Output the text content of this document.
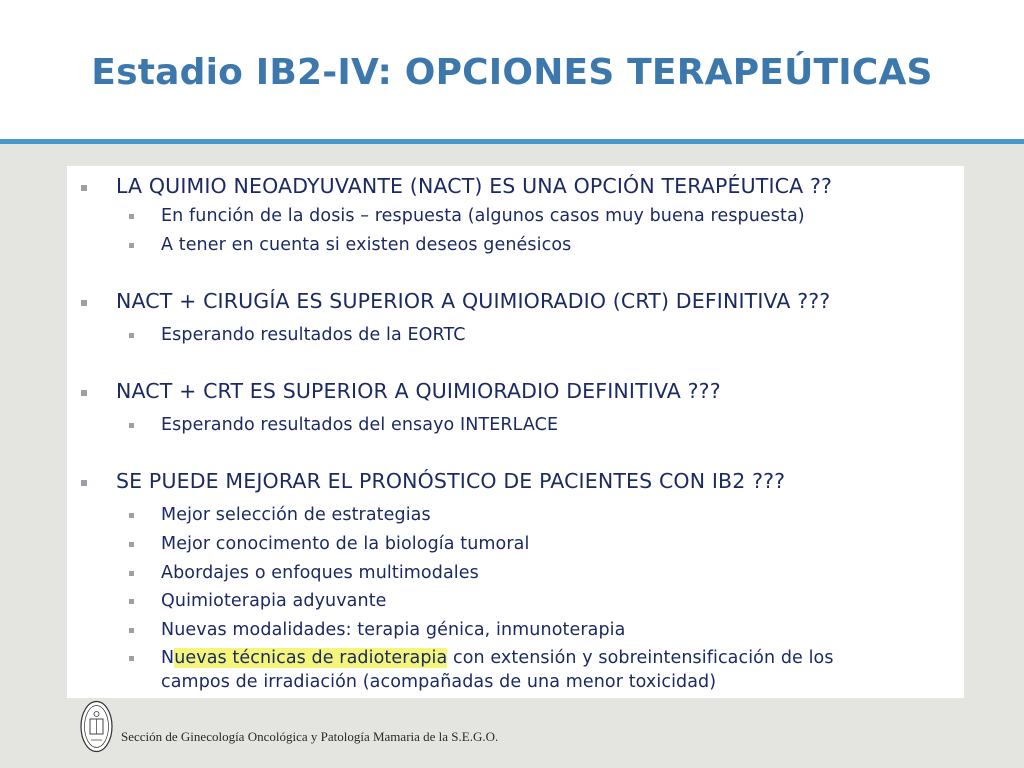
Estadio IB2-IV: OPCIONES TERAPEÚTICAS
LA QUIMIO NEOADYUVANTE (NACT) ES UNA OPCIÓN TERAPÉUTICA ??
En función de la dosis – respuesta (algunos casos muy buena respuesta)
A tener en cuenta si existen deseos genésicos
NACT + CIRUGÍA ES SUPERIOR A QUIMIORADIO (CRT) DEFINITIVA ???
Esperando resultados de la EORTC
NACT + CRT ES SUPERIOR A QUIMIORADIO DEFINITIVA ???
Esperando resultados del ensayo INTERLACE
SE PUEDE MEJORAR EL PRONÓSTICO DE PACIENTES CON IB2 ???
Mejor selección de estrategias
Mejor conocimento de la biología tumoral
Abordajes o enfoques multimodales
Quimioterapia adyuvante
Nuevas modalidades: terapia génica, inmunoterapia
Nuevas técnicas de radioterapia con extensión y sobreintensificación de los
campos de irradiación (acompañadas de una menor toxicidad)
Sección de Ginecología Oncológica y Patología Mamaria de la S.E.G.O.
